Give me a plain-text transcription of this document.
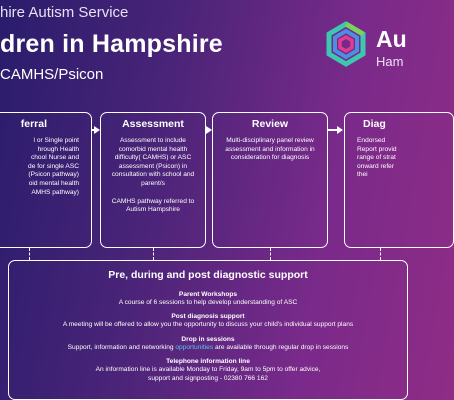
hire Autism Service
dren in Hampshire
CAMHS/Psicon
Au
Ham
ferral
l or Single point
hrough Health
chool Nurse and
de for single ASC
(Psicon pathway)
oid mental health
AMHS pathway)
Assessment
Assessment to include
comorbid mental health
difficulty( CAMHS) or ASC
assessment (Psicon) in
consultation with school and
parent/s
CAMHS pathway referred to
Autism Hampshire
Review
Multi-disciplinary panel review
assessment and information in
consideration for diagnosis
Diag
Endorsed
Report provid
range of strat
onward refer
thei
Pre, during and post diagnostic support
Parent Workshops
A course of 6 sessions to help develop understanding of ASC
Post diagnosis support
A meeting will be offered to allow you the opportunity to discuss your child's individual support plans
Drop in sessions
Support, information and networking opportunities are available through regular drop in sessions
Telephone information line
An information line is available Monday to Friday, 9am to 5pm to offer advice,
support and signposting - 02380 766 162
